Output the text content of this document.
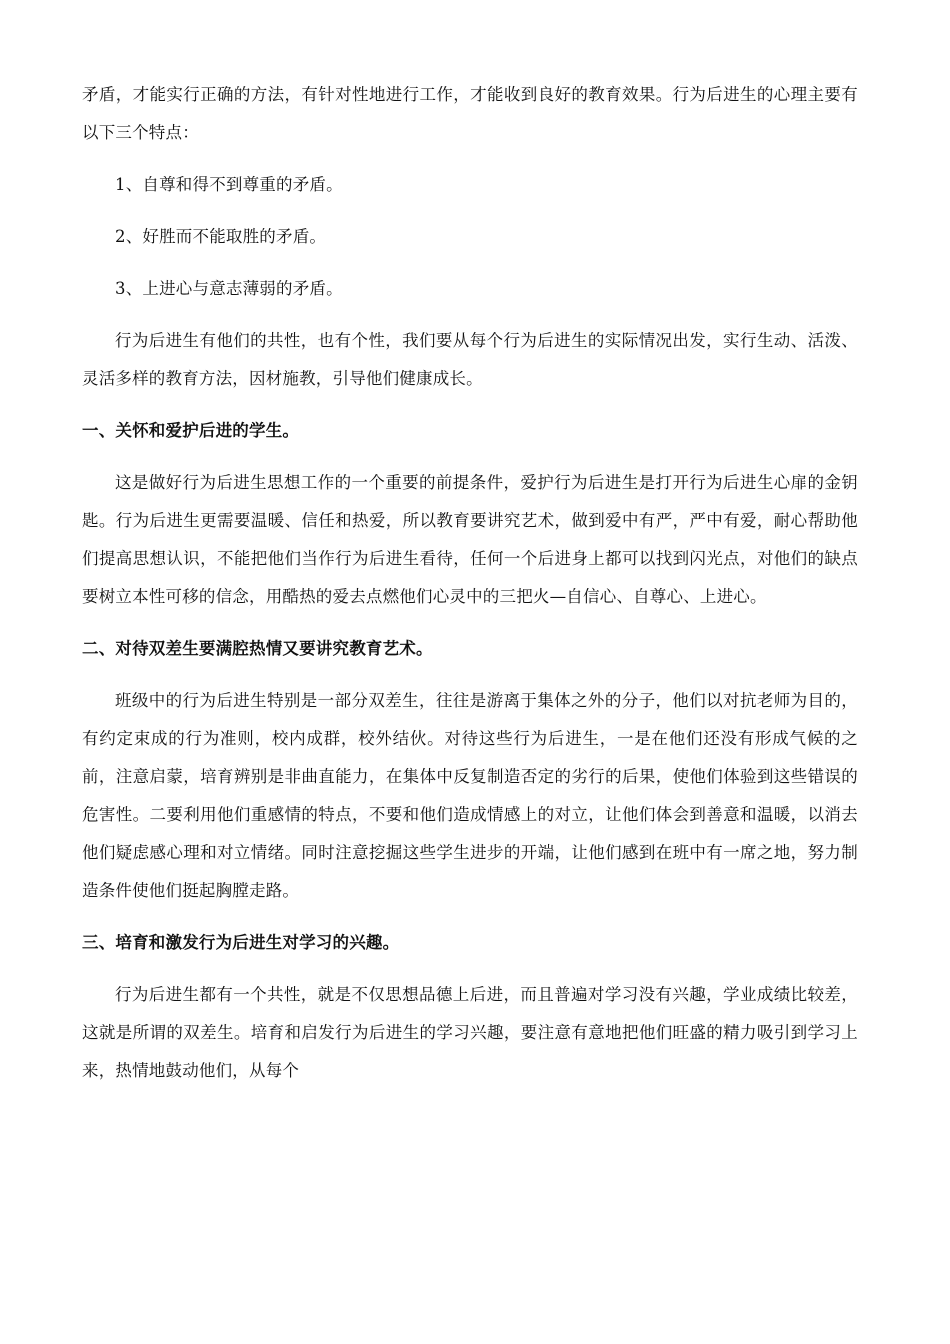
矛盾，才能实行正确的方法，有针对性地进行工作，才能收到良好的教育效果。行为后进生的心理主要有以下三个特点：

1、自尊和得不到尊重的矛盾。

2、好胜而不能取胜的矛盾。

3、上进心与意志薄弱的矛盾。

行为后进生有他们的共性，也有个性，我们要从每个行为后进生的实际情况出发，实行生动、活泼、灵活多样的教育方法，因材施教，引导他们健康成长。

一、关怀和爱护后进的学生。

这是做好行为后进生思想工作的一个重要的前提条件，爱护行为后进生是打开行为后进生心扉的金钥匙。行为后进生更需要温暖、信任和热爱，所以教育要讲究艺术，做到爱中有严，严中有爱，耐心帮助他们提高思想认识，不能把他们当作行为后进生看待，任何一个后进身上都可以找到闪光点，对他们的缺点要树立本性可移的信念，用酷热的爱去点燃他们心灵中的三把火—自信心、自尊心、上进心。

二、对待双差生要满腔热情又要讲究教育艺术。

班级中的行为后进生特别是一部分双差生，往往是游离于集体之外的分子，他们以对抗老师为目的，有约定束成的行为准则，校内成群，校外结伙。对待这些行为后进生，一是在他们还没有形成气候的之前，注意启蒙，培育辨别是非曲直能力，在集体中反复制造否定的劣行的后果，使他们体验到这些错误的危害性。二要利用他们重感情的特点，不要和他们造成情感上的对立，让他们体会到善意和温暖，以消去他们疑虑感心理和对立情绪。同时注意挖掘这些学生进步的开端，让他们感到在班中有一席之地，努力制造条件使他们挺起胸膛走路。

三、培育和激发行为后进生对学习的兴趣。

行为后进生都有一个共性，就是不仅思想品德上后进，而且普遍对学习没有兴趣，学业成绩比较差，这就是所谓的双差生。培育和启发行为后进生的学习兴趣，要注意有意地把他们旺盛的精力吸引到学习上来，热情地鼓动他们，从每个
